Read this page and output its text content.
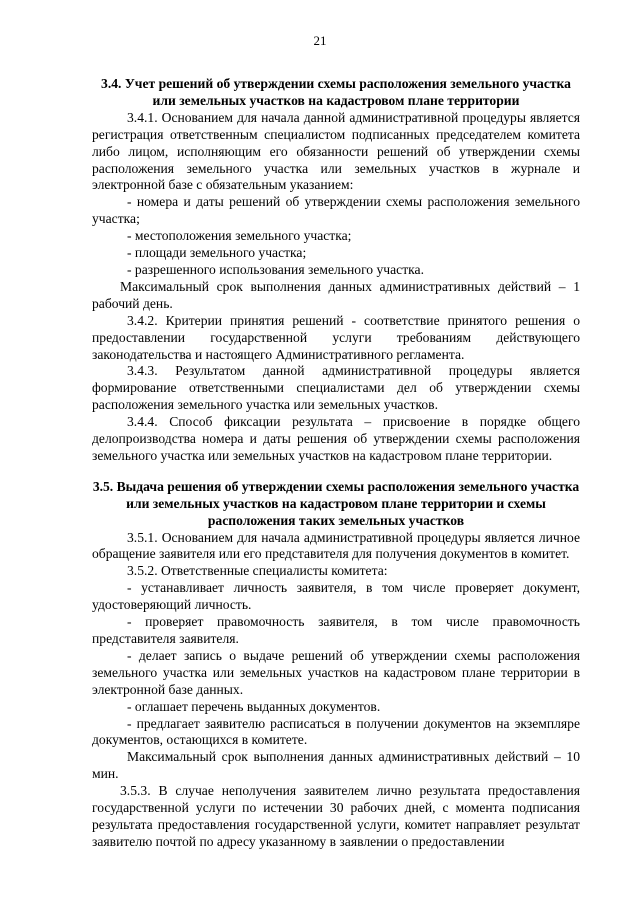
21

3.4. Учет решений об утверждении схемы расположения земельного участка или земельных участков на кадастровом плане территории

3.4.1. Основанием для начала данной административной процедуры является регистрация ответственным специалистом подписанных председателем комитета либо лицом, исполняющим его обязанности решений об утверждении схемы расположения земельного участка или земельных участков в журнале и электронной базе с обязательным указанием:

- номера и даты решений об утверждении схемы расположения земельного участка;

- местоположения земельного участка;

- площади земельного участка;

- разрешенного использования земельного участка.

Максимальный срок выполнения данных административных действий – 1 рабочий день.

3.4.2. Критерии принятия решений - соответствие принятого решения о предоставлении государственной услуги требованиям действующего законодательства и настоящего Административного регламента.

3.4.3. Результатом данной административной процедуры является формирование ответственными специалистами дел об утверждении схемы расположения земельного участка или земельных участков.

3.4.4. Способ фиксации результата – присвоение в порядке общего делопроизводства номера и даты решения об утверждении схемы расположения земельного участка или земельных участков на кадастровом плане территории.

3.5. Выдача решения об утверждении схемы расположения земельного участка или земельных участков на кадастровом плане территории и схемы расположения таких земельных участков

3.5.1. Основанием для начала административной процедуры является личное обращение заявителя или его представителя для получения документов в комитет.

3.5.2. Ответственные специалисты комитета:

- устанавливает личность заявителя, в том числе проверяет документ, удостоверяющий личность.

- проверяет правомочность заявителя, в том числе правомочность представителя заявителя.

- делает запись о выдаче решений об утверждении схемы расположения земельного участка или земельных участков на кадастровом плане территории в электронной базе данных.

- оглашает перечень выданных документов.

- предлагает заявителю расписаться в получении документов на экземпляре документов, остающихся в комитете.

Максимальный срок выполнения данных административных действий – 10 мин.

3.5.3. В случае неполучения заявителем лично результата предоставления государственной услуги по истечении 30 рабочих дней, с момента подписания результата предоставления государственной услуги, комитет направляет результат заявителю почтой по адресу указанному в заявлении о предоставлении
